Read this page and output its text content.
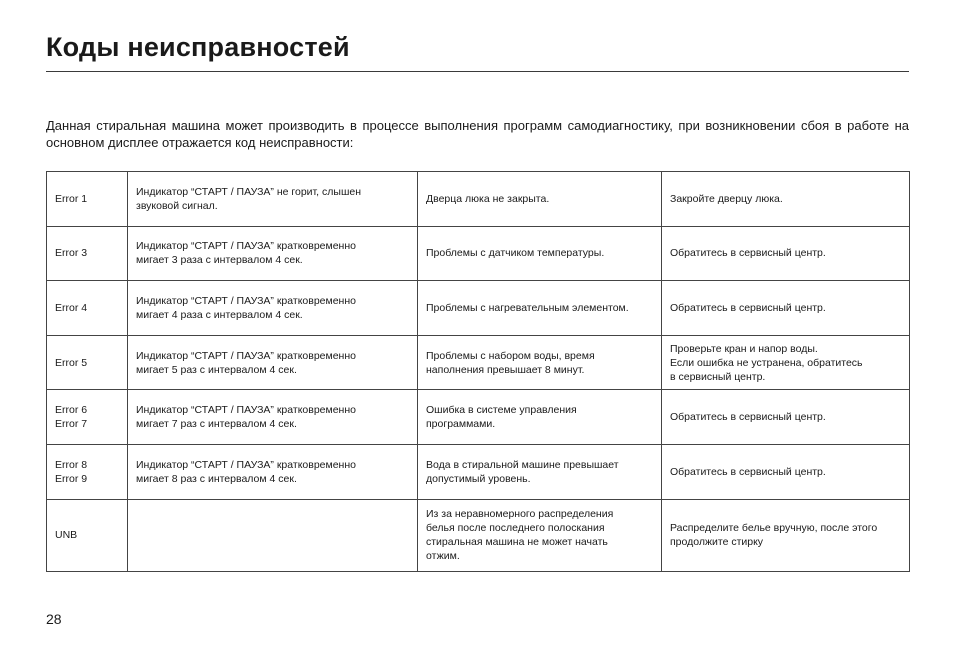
Коды неисправностей

Данная стиральная машина может производить в процессе выполнения программ самодиагностику, при возникновении сбоя в работе на основном дисплее отражается код неисправности:

Error 1	Индикатор “СТАРТ / ПАУЗА” не горит, слышен
звуковой сигнал.	Дверца люка не закрыта.	Закройте дверцу люка.
Error 3	Индикатор “СТАРТ / ПАУЗА” кратковременно
мигает 3 раза с интервалом 4 сек.	Проблемы с датчиком температуры.	Обратитесь в сервисный центр.
Error 4	Индикатор “СТАРТ / ПАУЗА” кратковременно
мигает 4 раза с интервалом 4 сек.	Проблемы с нагревательным элементом.	Обратитесь в сервисный центр.
Error 5	Индикатор “СТАРТ / ПАУЗА” кратковременно
мигает 5 раз с интервалом 4 сек.	Проблемы с набором воды, время
наполнения превышает 8 минут.	Проверьте кран и напор воды.
Если ошибка не устранена, обратитесь
в сервисный центр.
Error 6
Error 7	Индикатор “СТАРТ / ПАУЗА” кратковременно
мигает 7 раз с интервалом 4 сек.	Ошибка в системе управления
программами.	Обратитесь в сервисный центр.
Error 8
Error 9	Индикатор “СТАРТ / ПАУЗА” кратковременно
мигает 8 раз с интервалом 4 сек.	Вода в стиральной машине превышает
допустимый уровень.	Обратитесь в сервисный центр.
UNB		Из за неравномерного распределения
белья после последнего полоскания
стиральная машина не может начать
отжим.	Распределите белье вручную, после этого
продолжите стирку
28
